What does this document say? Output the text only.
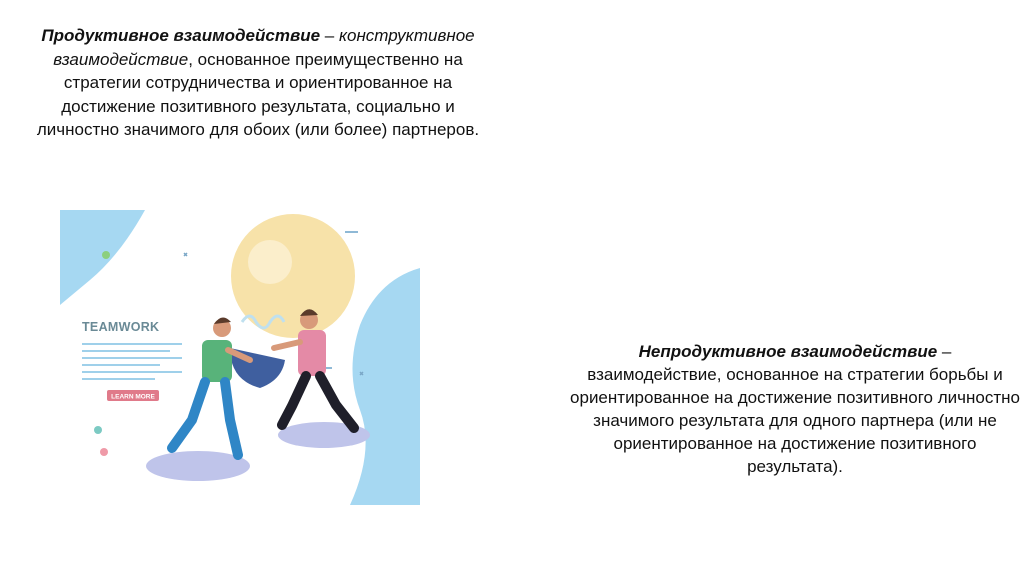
Продуктивное взаимодействие – конструктивное взаимодействие, основанное преимущественно на стратегии сотрудничества и ориентированное на достижение позитивного результата, социально и личностно значимого для обоих (или более) партнеров.
Непродуктивное взаимодействие – взаимодействие, основанное на стратегии борьбы и ориентированное на достижение позитивного личностно значимого результата для одного партнера (или не ориентированное на достижение позитивного результата).
TEAMWORK
LEARN MORE
